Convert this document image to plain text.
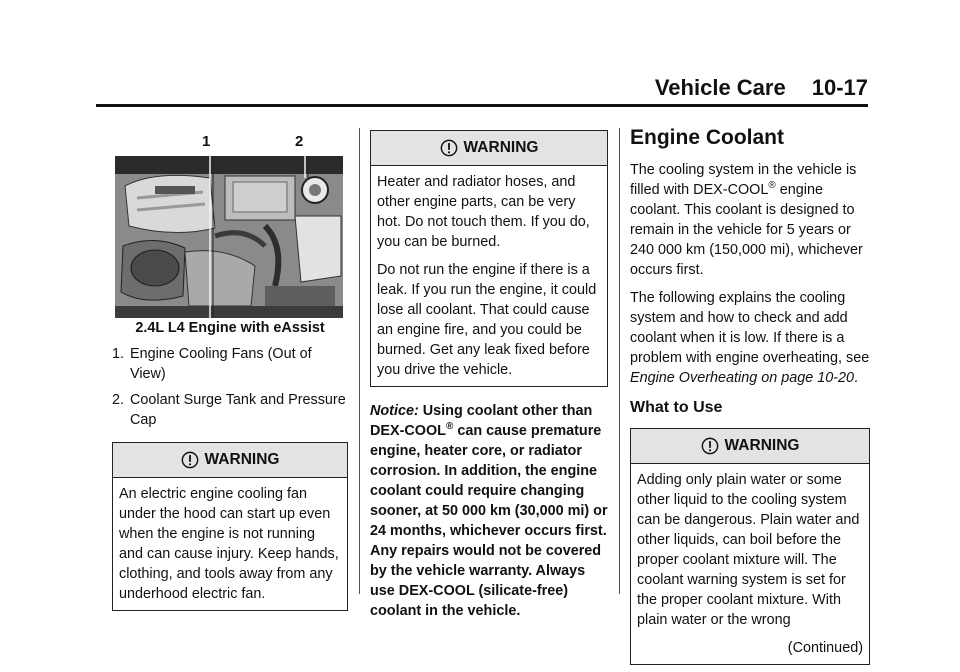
Vehicle Care 10-17
1	2
2.4L L4 Engine with eAssist
1. Engine Cooling Fans (Out of View)
2. Coolant Surge Tank and Pressure Cap
WARNING

An electric engine cooling fan under the hood can start up even when the engine is not running and can cause injury. Keep hands, clothing, and tools away from any underhood electric fan.

WARNING

Heater and radiator hoses, and other engine parts, can be very hot. Do not touch them. If you do, you can be burned.

Do not run the engine if there is a leak. If you run the engine, it could lose all coolant. That could cause an engine fire, and you could be burned. Get any leak fixed before you drive the vehicle.

Notice: Using coolant other than DEX-COOL® can cause premature engine, heater core, or radiator corrosion. In addition, the engine coolant could require changing sooner, at 50 000 km (30,000 mi) or 24 months, whichever occurs first. Any repairs would not be covered by the vehicle warranty. Always use DEX-COOL (silicate-free) coolant in the vehicle.
Engine Coolant

The cooling system in the vehicle is filled with DEX-COOL® engine coolant. This coolant is designed to remain in the vehicle for 5 years or 240 000 km (150,000 mi), whichever occurs first.

The following explains the cooling system and how to check and add coolant when it is low. If there is a problem with engine overheating, see Engine Overheating on page 10-20.

What to Use
WARNING

Adding only plain water or some other liquid to the cooling system can be dangerous. Plain water and other liquids, can boil before the proper coolant mixture will. The coolant warning system is set for the proper coolant mixture. With plain water or the wrong

(Continued)
